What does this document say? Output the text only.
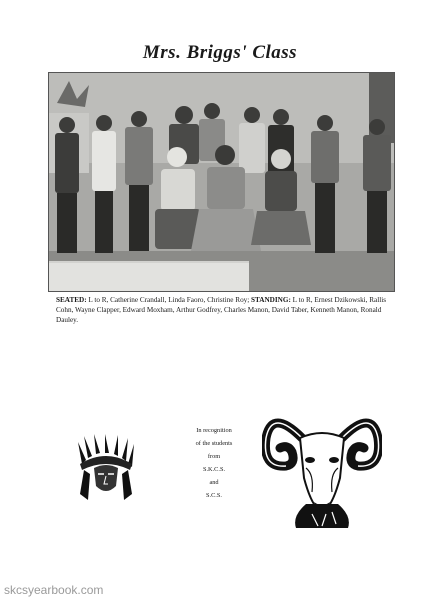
Mrs. Briggs' Class
SEATED: L to R, Catherine Crandall, Linda Faoro, Christine Roy; STANDING: L to R, Ernest Dzikowski, Rallis Cohn, Wayne Clapper, Edward Moxham, Arthur Godfrey, Charles Manon, David Taber, Kenneth Manon, Ronald Dauley.
In recognition
of the students
from
S.K.C.S.
and
S.C.S.
skcsyearbook.com
